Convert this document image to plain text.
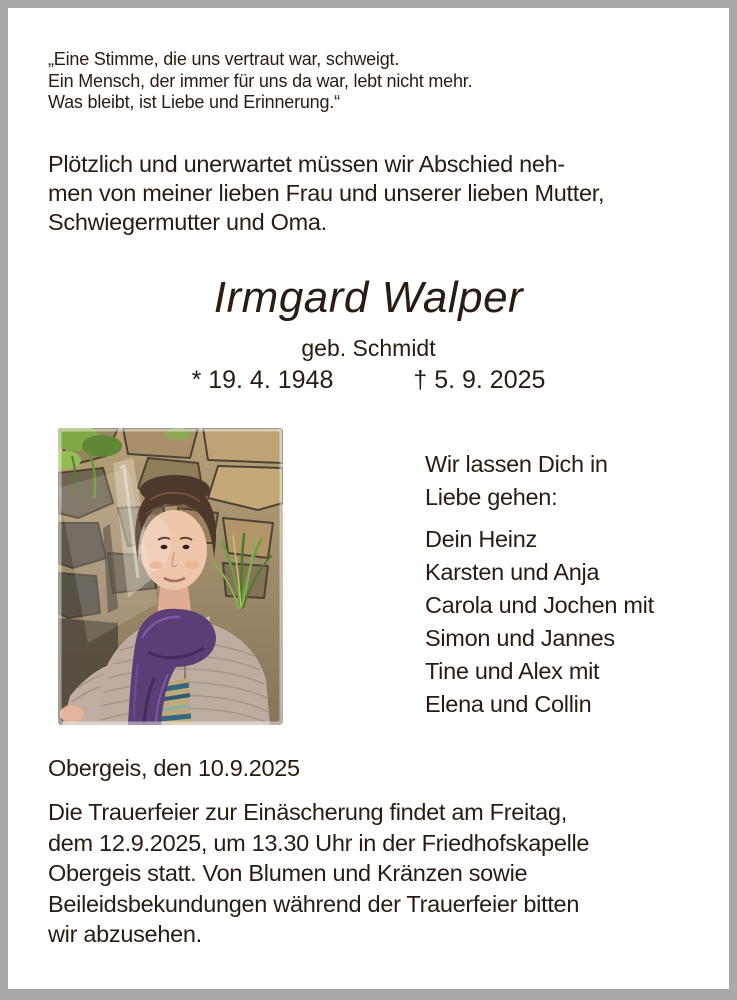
„Eine Stimme, die uns vertraut war, schweigt.
Ein Mensch, der immer für uns da war, lebt nicht mehr.
Was bleibt, ist Liebe und Erinnerung.“
Plötzlich und unerwartet müssen wir Abschied neh-
men von meiner lieben Frau und unserer lieben Mutter,
Schwiegermutter und Oma.
Irmgard Walper
geb. Schmidt
* 19. 4. 1948	† 5. 9. 2025
Wir lassen Dich in
Liebe gehen:
Dein Heinz
Karsten und Anja
Carola und Jochen mit
Simon und Jannes
Tine und Alex mit
Elena und Collin
Obergeis, den 10.9.2025
Die Trauerfeier zur Einäscherung findet am Freitag,
dem 12.9.2025, um 13.30 Uhr in der Friedhofskapelle
Obergeis statt. Von Blumen und Kränzen sowie
Beileidsbekundungen während der Trauerfeier bitten
wir abzusehen.
